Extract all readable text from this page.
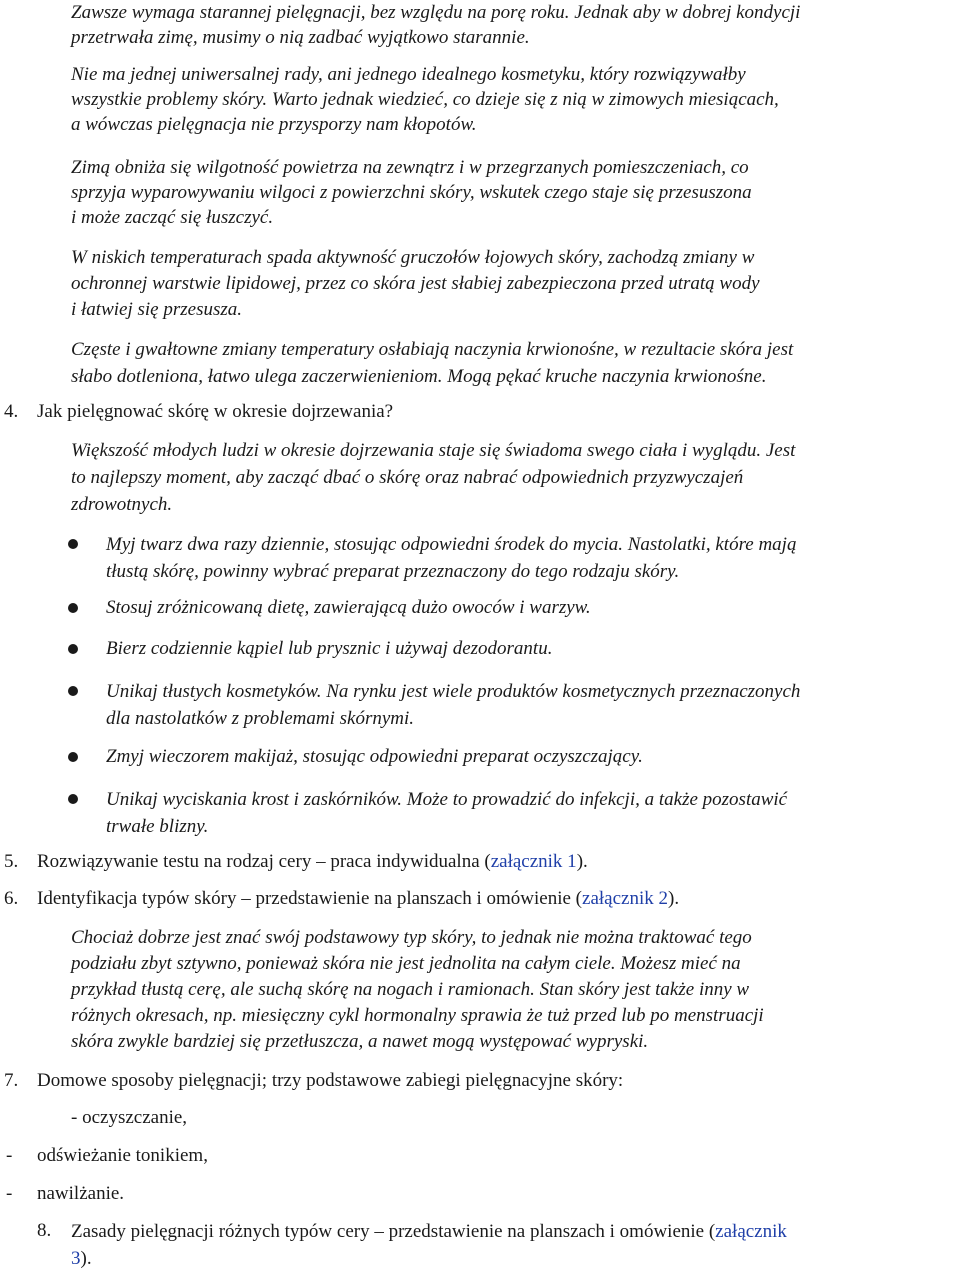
Zawsze wymaga starannej pielęgnacji, bez względu na porę roku. Jednak aby w dobrej kondycji
przetrwała zimę, musimy o nią zadbać wyjątkowo starannie.
Nie ma jednej uniwersalnej rady, ani jednego idealnego kosmetyku, który rozwiązywałby
wszystkie problemy skóry. Warto jednak wiedzieć, co dzieje się z nią w zimowych miesiącach,
a wówczas pielęgnacja nie przysporzy nam kłopotów.
Zimą obniża się wilgotność powietrza na zewnątrz i w przegrzanych pomieszczeniach, co
sprzyja wyparowywaniu wilgoci z powierzchni skóry, wskutek czego staje się przesuszona
i może zacząć się łuszczyć.
W niskich temperaturach spada aktywność gruczołów łojowych skóry, zachodzą zmiany w
ochronnej warstwie lipidowej, przez co skóra jest słabiej zabezpieczona przed utratą wody
i łatwiej się przesusza.
Częste i gwałtowne zmiany temperatury osłabiają naczynia krwionośne, w rezultacie skóra jest
słabo dotleniona, łatwo ulega zaczerwienieniom. Mogą pękać kruche naczynia krwionośne.
4. Jak pielęgnować skórę w okresie dojrzewania?
Większość młodych ludzi w okresie dojrzewania staje się świadoma swego ciała i wyglądu. Jest
to najlepszy moment, aby zacząć dbać o skórę oraz nabrać odpowiednich przyzwyczajeń
zdrowotnych.
Myj twarz dwa razy dziennie, stosując odpowiedni środek do mycia. Nastolatki, które mają
tłustą skórę, powinny wybrać preparat przeznaczony do tego rodzaju skóry.
Stosuj zróżnicowaną dietę, zawierającą dużo owoców i warzyw.
Bierz codziennie kąpiel lub prysznic i używaj dezodorantu.
Unikaj tłustych kosmetyków. Na rynku jest wiele produktów kosmetycznych przeznaczonych
dla nastolatków z problemami skórnymi.
Zmyj wieczorem makijaż, stosując odpowiedni preparat oczyszczający.
Unikaj wyciskania krost i zaskórników. Może to prowadzić do infekcji, a także pozostawić
trwałe blizny.
5. Rozwiązywanie testu na rodzaj cery – praca indywidualna (załącznik 1).
6. Identyfikacja typów skóry – przedstawienie na planszach i omówienie (załącznik 2).
Chociaż dobrze jest znać swój podstawowy typ skóry, to jednak nie można traktować tego
podziału zbyt sztywno, ponieważ skóra nie jest jednolita na całym ciele. Możesz mieć na
przykład tłustą cerę, ale suchą skórę na nogach i ramionach. Stan skóry jest także inny w
różnych okresach, np. miesięczny cykl hormonalny sprawia że tuż przed lub po menstruacji
skóra zwykle bardziej się przetłuszcza, a nawet mogą występować wypryski.
7. Domowe sposoby pielęgnacji; trzy podstawowe zabiegi pielęgnacyjne skóry:
- oczyszczanie,
- odświeżanie tonikiem,
- nawilżanie.
8. Zasady pielęgnacji różnych typów cery – przedstawienie na planszach i omówienie (załącznik
3).
